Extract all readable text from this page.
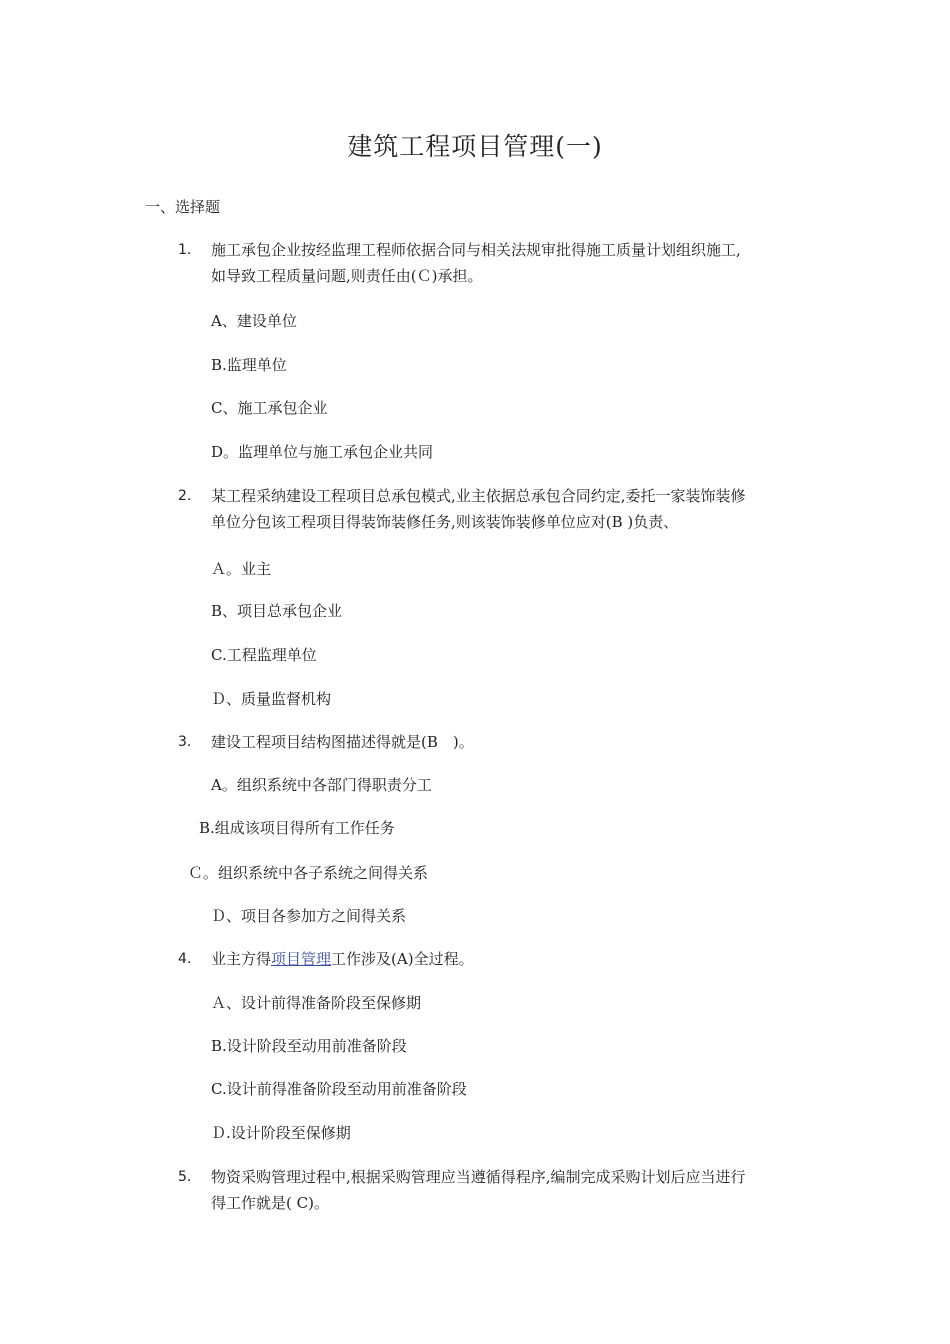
建筑工程项目管理(一)
一、选择题
1. 施工承包企业按经监理工程师依据合同与相关法规审批得施工质量计划组织施工,
如导致工程质量问题,则责任由(Ｃ)承担。
A、建设单位
B.监理单位
C、施工承包企业
D。监理单位与施工承包企业共同
2. 某工程采纳建设工程项目总承包模式,业主依据总承包合同约定,委托一家装饰装修
单位分包该工程项目得装饰装修任务,则该装饰装修单位应对(B )负责、
Ａ。业主
B、项目总承包企业
C.工程监理单位
Ｄ、质量监督机构
3. 建设工程项目结构图描述得就是(B　)。
A。组织系统中各部门得职责分工
B.组成该项目得所有工作任务
Ｃ。组织系统中各子系统之间得关系
Ｄ、项目各参加方之间得关系
4. 业主方得项目管理工作涉及(A)全过程。
Ａ、设计前得准备阶段至保修期
B.设计阶段至动用前准备阶段
C.设计前得准备阶段至动用前准备阶段
Ｄ.设计阶段至保修期
5. 物资采购管理过程中,根据采购管理应当遵循得程序,编制完成采购计划后应当进行
得工作就是( C)。
